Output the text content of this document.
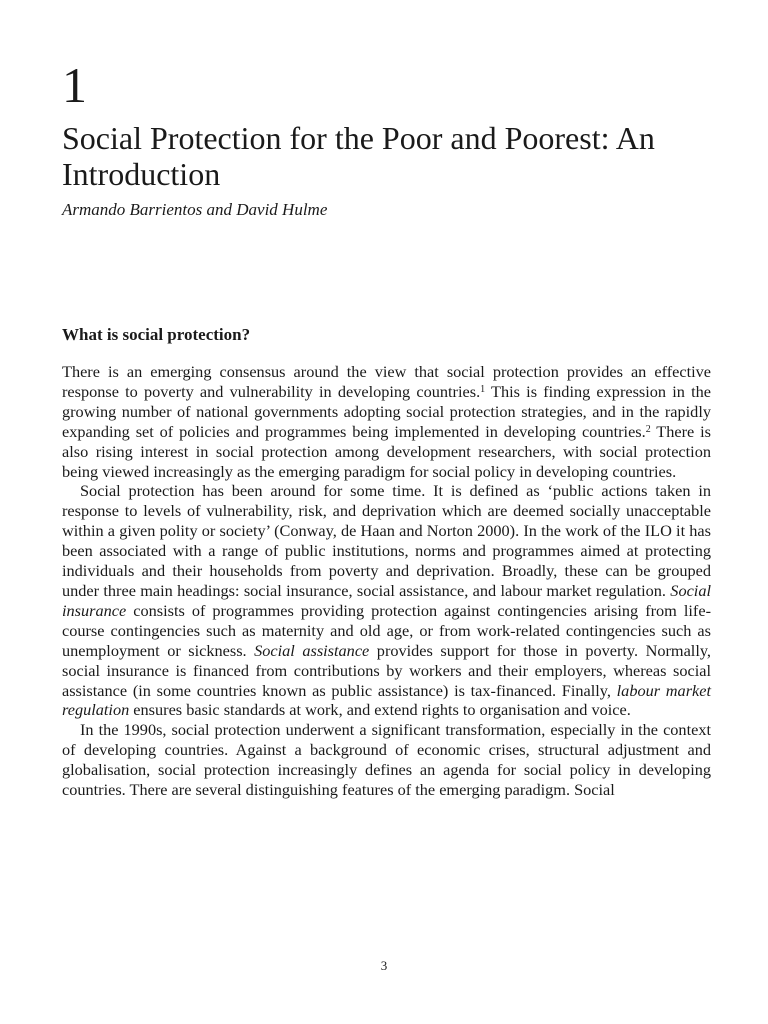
1
Social Protection for the Poor and Poorest: An Introduction

Armando Barrientos and David Hulme

What is social protection?

There is an emerging consensus around the view that social protection provides an effective response to poverty and vulnerability in developing countries.$^1$ This is finding expression in the growing number of national governments adopting social protection strategies, and in the rapidly expanding set of policies and programmes being implemented in developing countries.$^2$ There is also rising interest in social protection among development researchers, with social protection being viewed increasingly as the emerging paradigm for social policy in developing countries.

Social protection has been around for some time. It is defined as ‘public actions taken in response to levels of vulnerability, risk, and deprivation which are deemed socially unacceptable within a given polity or society’ (Conway, de Haan and Norton 2000). In the work of the ILO it has been associated with a range of public institutions, norms and programmes aimed at protecting individuals and their households from poverty and deprivation. Broadly, these can be grouped under three main headings: social insurance, social assistance, and labour market regulation. Social insurance consists of programmes providing protection against contingencies arising from life-course contingencies such as maternity and old age, or from work-related contingencies such as unemployment or sickness. Social assistance provides support for those in poverty. Normally, social insurance is financed from contributions by workers and their employers, whereas social assistance (in some countries known as public assistance) is tax-financed. Finally, labour market regulation ensures basic standards at work, and extend rights to organisation and voice.

In the 1990s, social protection underwent a significant transformation, especially in the context of developing countries. Against a background of economic crises, structural adjustment and globalisation, social protection increasingly defines an agenda for social policy in developing countries. There are several distinguishing features of the emerging paradigm. Social

3
